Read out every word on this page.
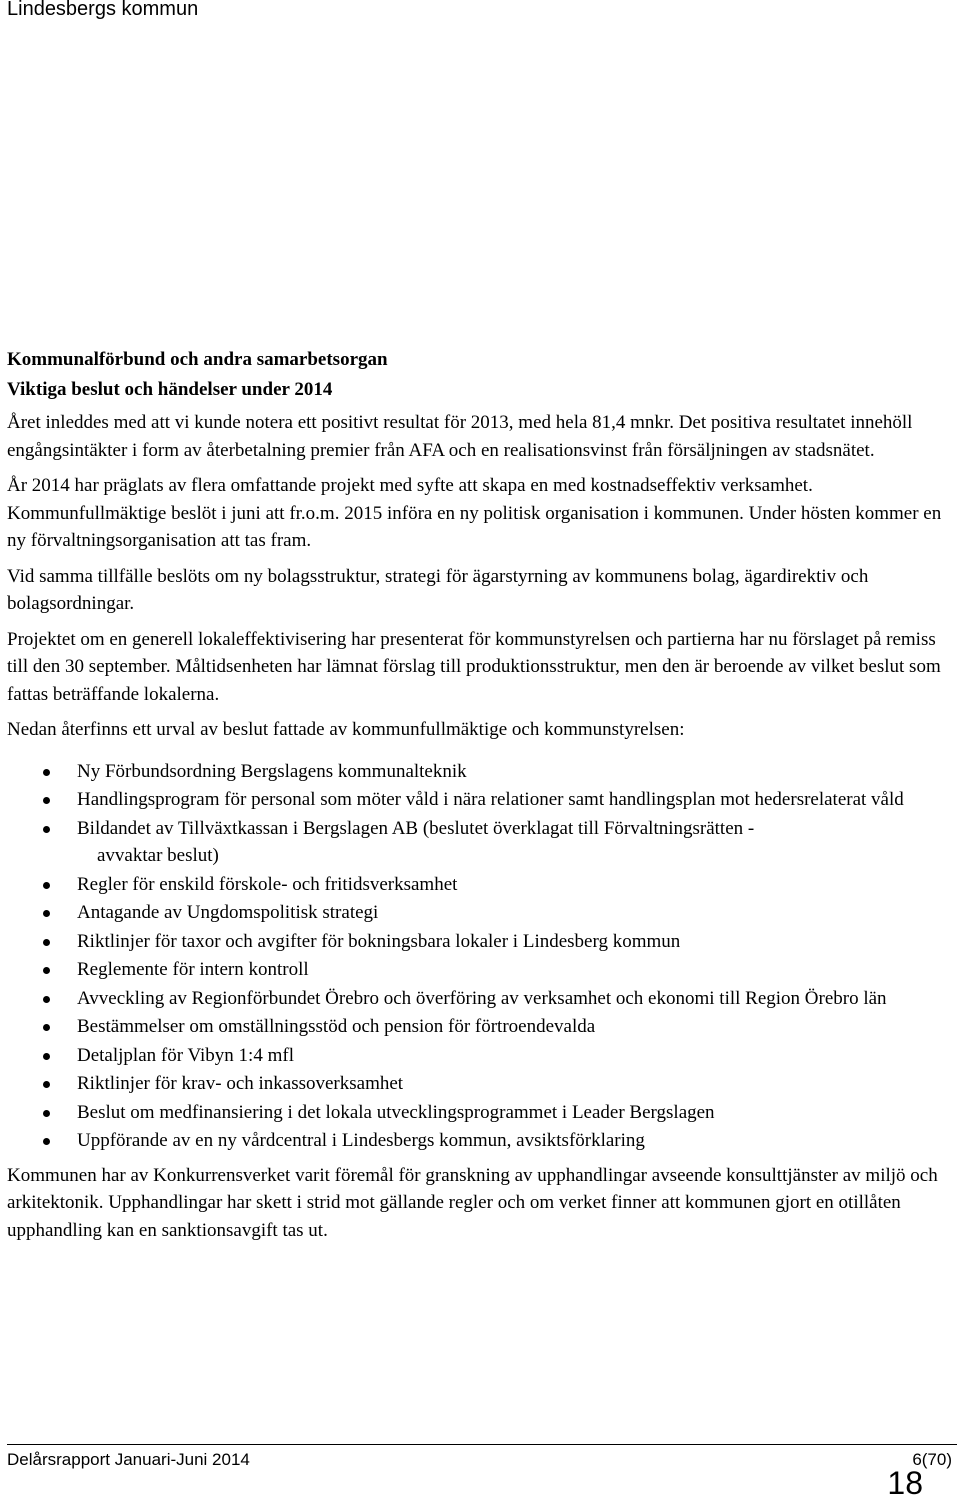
Lindesbergs kommun

Kommunalförbund och andra samarbetsorgan

Viktiga beslut och händelser under 2014

Året inleddes med att vi kunde notera ett positivt resultat för 2013, med hela 81,4 mnkr. Det positiva resultatet innehöll engångsintäkter i form av återbetalning premier från AFA och en realisationsvinst från försäljningen av stadsnätet.

År 2014 har präglats av flera omfattande projekt med syfte att skapa en med kostnadseffektiv verksamhet. Kommunfullmäktige beslöt i juni att fr.o.m. 2015 införa en ny politisk organisation i kommunen. Under hösten kommer en ny förvaltningsorganisation att tas fram.

Vid samma tillfälle beslöts om ny bolagsstruktur, strategi för ägarstyrning av kommunens bolag, ägardirektiv och bolagsordningar.

Projektet om en generell lokaleffektivisering har presenterat för kommunstyrelsen och partierna har nu förslaget på remiss till den 30 september. Måltidsenheten har lämnat förslag till produktionsstruktur, men den är beroende av vilket beslut som fattas beträffande lokalerna.

Nedan återfinns ett urval av beslut fattade av kommunfullmäktige och kommunstyrelsen:

Ny Förbundsordning Bergslagens kommunalteknik
Handlingsprogram för personal som möter våld i nära relationer samt handlingsplan mot hedersrelaterat våld
Bildandet av Tillväxtkassan i Bergslagen AB (beslutet överklagat till Förvaltningsrätten -
avvaktar beslut)
Regler för enskild förskole- och fritidsverksamhet
Antagande av Ungdomspolitisk strategi
Riktlinjer för taxor och avgifter för bokningsbara lokaler i Lindesberg kommun
Reglemente för intern kontroll
Avveckling av Regionförbundet Örebro och överföring av verksamhet och ekonomi till Region Örebro län
Bestämmelser om omställningsstöd och pension för förtroendevalda
Detaljplan för Vibyn 1:4 mfl
Riktlinjer för krav- och inkassoverksamhet
Beslut om medfinansiering i det lokala utvecklingsprogrammet i Leader Bergslagen
Uppförande av en ny vårdcentral i Lindesbergs kommun, avsiktsförklaring

Kommunen har av Konkurrensverket varit föremål för granskning av upphandlingar avseende konsulttjänster av miljö och arkitektonik. Upphandlingar har skett i strid mot gällande regler och om verket finner att kommunen gjort en otillåten upphandling kan en sanktionsavgift tas ut.

Delårsrapport Januari-Juni 2014	6(70)
18
